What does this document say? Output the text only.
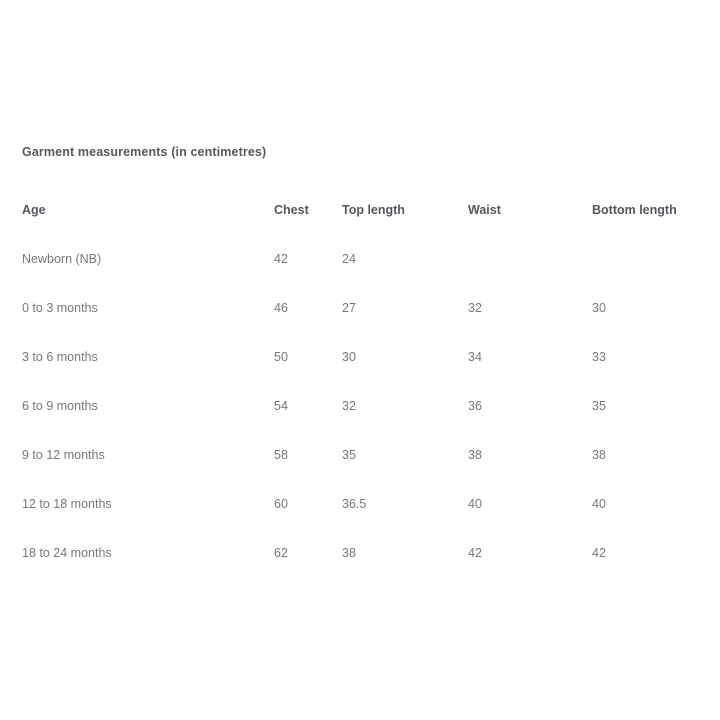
Garment measurements (in centimetres)
Age	Chest	Top length	Waist	Bottom length
Newborn (NB)	42	24		
0 to 3 months	46	27	32	30
3 to 6 months	50	30	34	33
6 to 9 months	54	32	36	35
9 to 12 months	58	35	38	38
12 to 18 months	60	36.5	40	40
18 to 24 months	62	38	42	42
